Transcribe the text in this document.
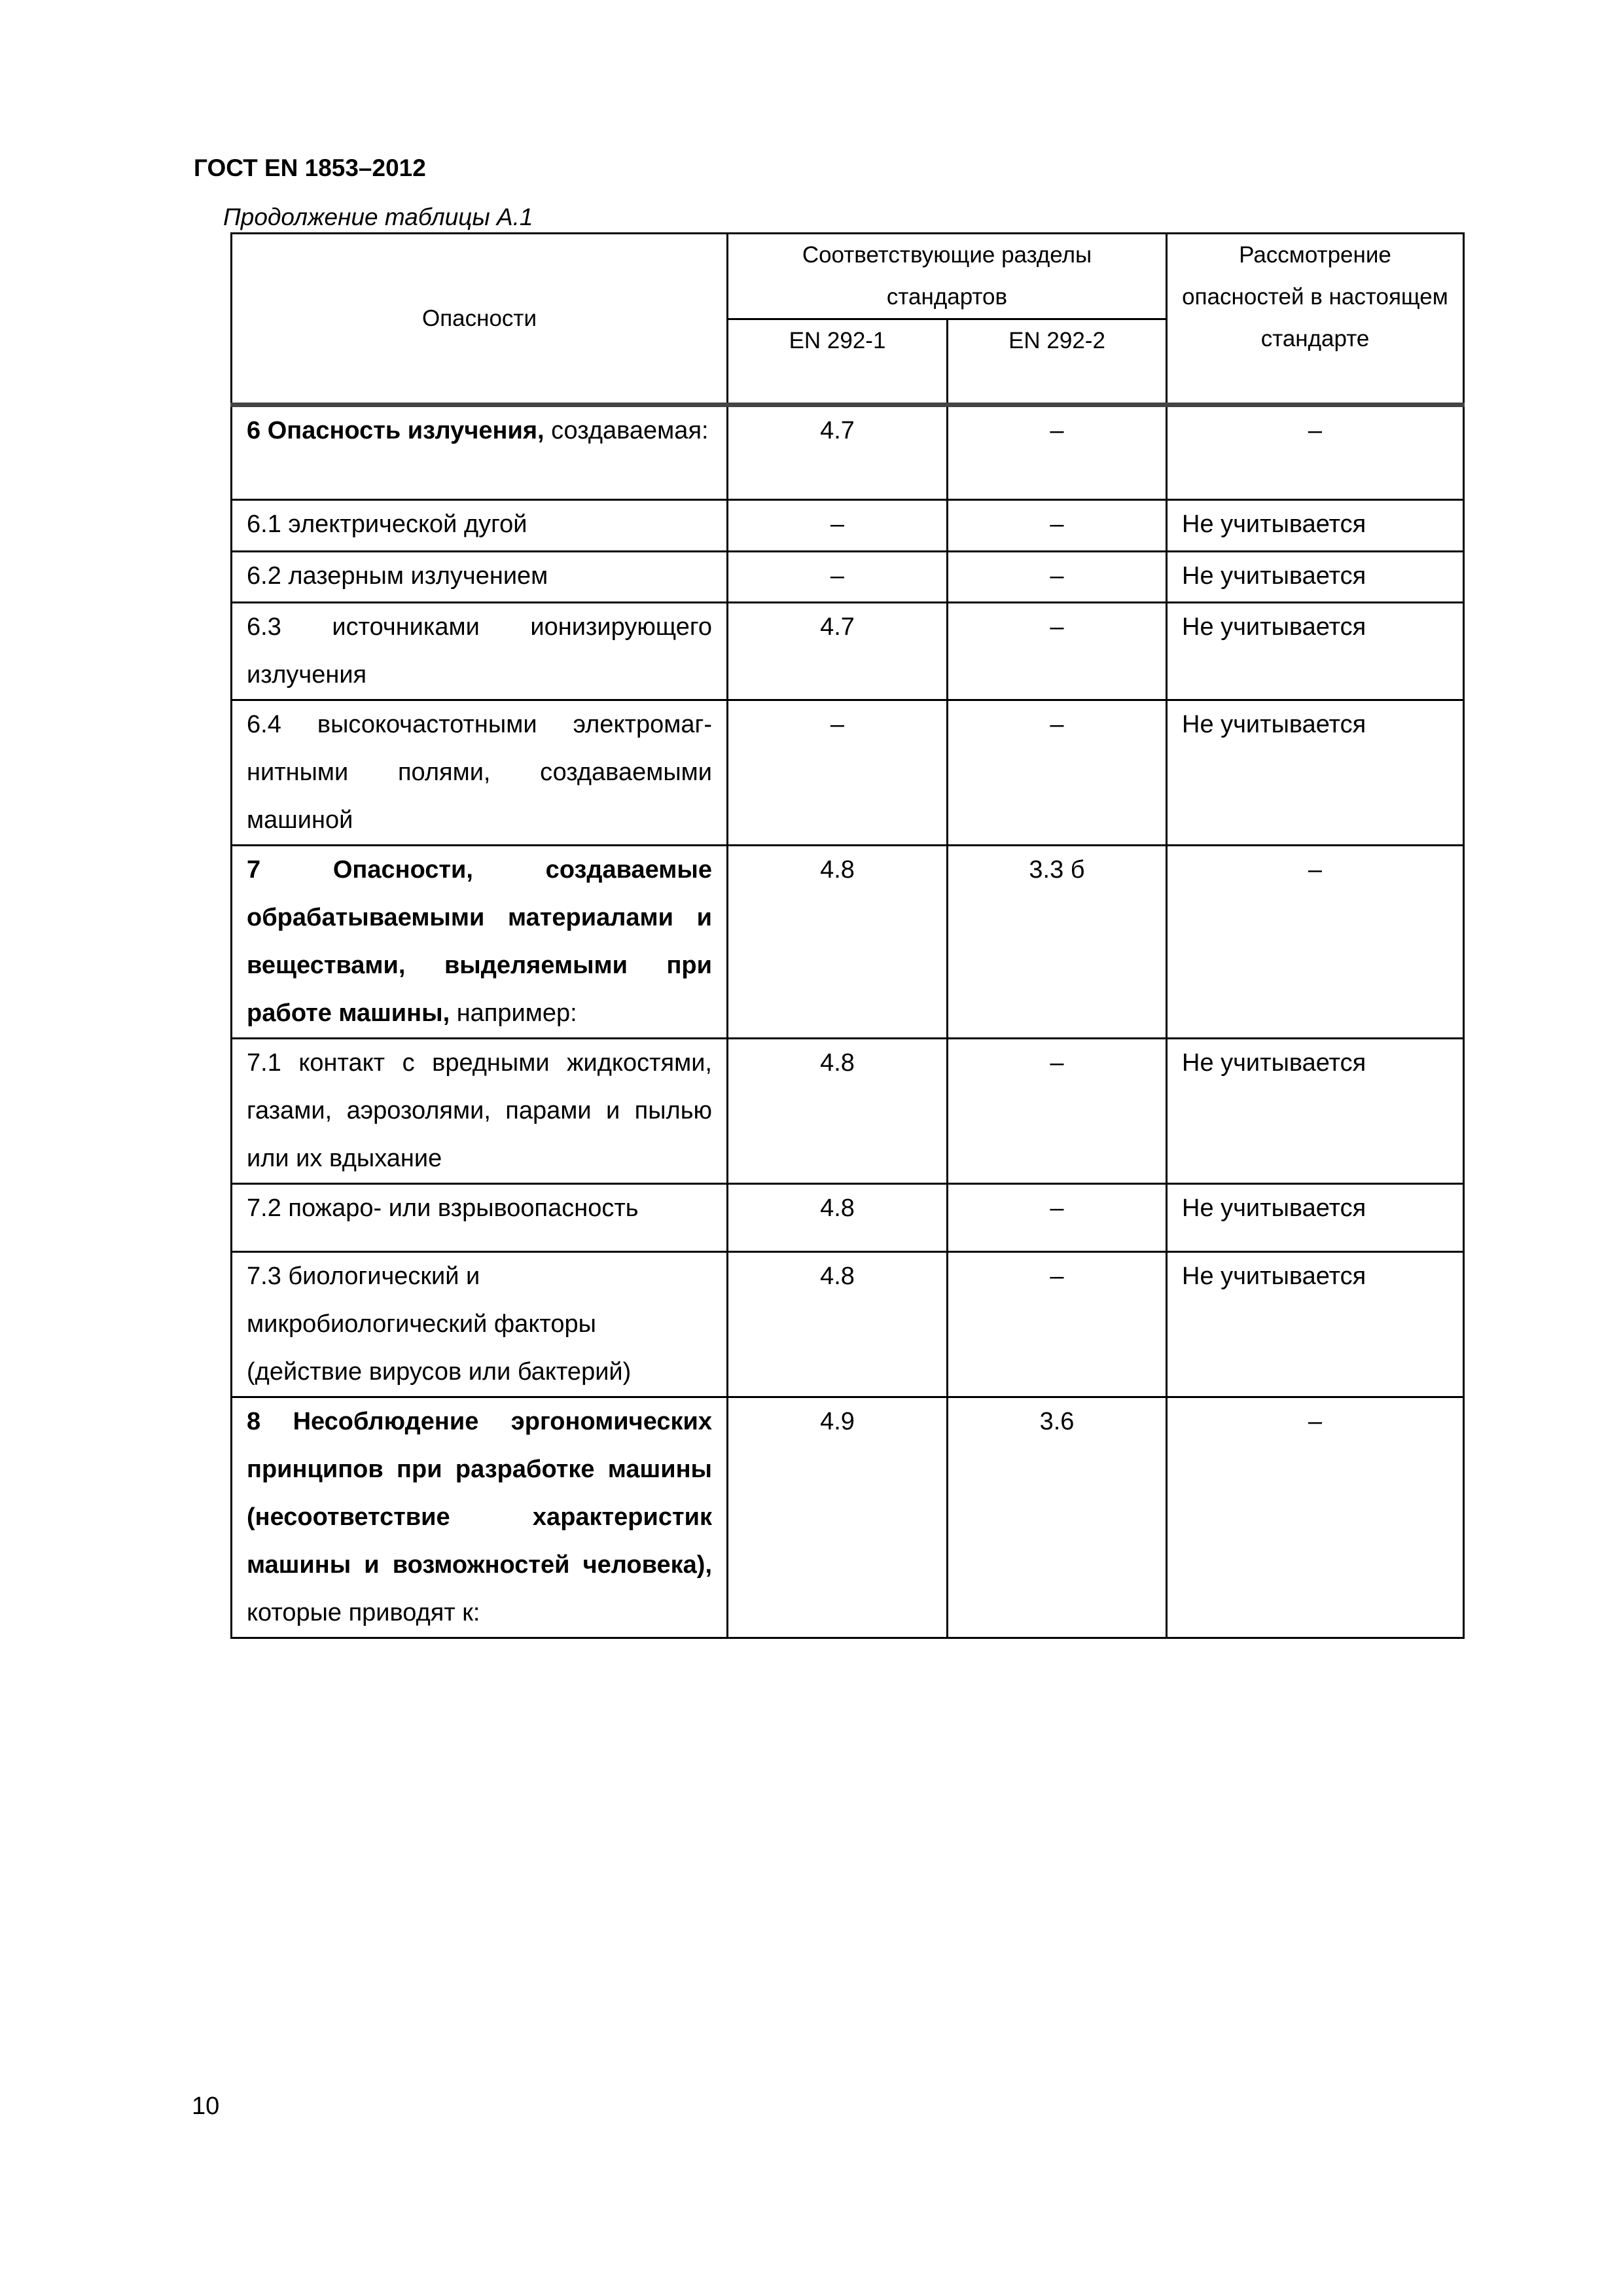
ГОСТ EN 1853–2012
Продолжение таблицы А.1
Опасности	Соответствующие разделы стандартов		Рассмотрение опасностей в настоящем стандарте
	EN 292-1	EN 292-2	
6 Опасность излучения, создаваемая:	4.7	–	–
6.1 электрической дугой	–	–	Не учитывается
6.2 лазерным излучением	–	–	Не учитывается
6.3 источниками ионизирующего излучения	4.7	–	Не учитывается
6.4 высокочастотными электромаг-нитными полями, создаваемыми машиной	–	–	Не учитывается
7 Опасности, создаваемые обрабатываемыми материалами и веществами, выделяемыми при работе машины, например:	4.8	3.3 б	–
7.1 контакт с вредными жидкостями, газами, аэрозолями, парами и пылью или их вдыхание	4.8	–	Не учитывается
7.2 пожаро- или взрывоопасность	4.8	–	Не учитывается
7.3 биологический и микробиологический факторы (действие вирусов или бактерий)	4.8	–	Не учитывается
8 Несоблюдение эргономических принципов при разработке машины (несоответствие характеристик машины и возможностей человека), которые приводят к:	4.9	3.6	–
10
